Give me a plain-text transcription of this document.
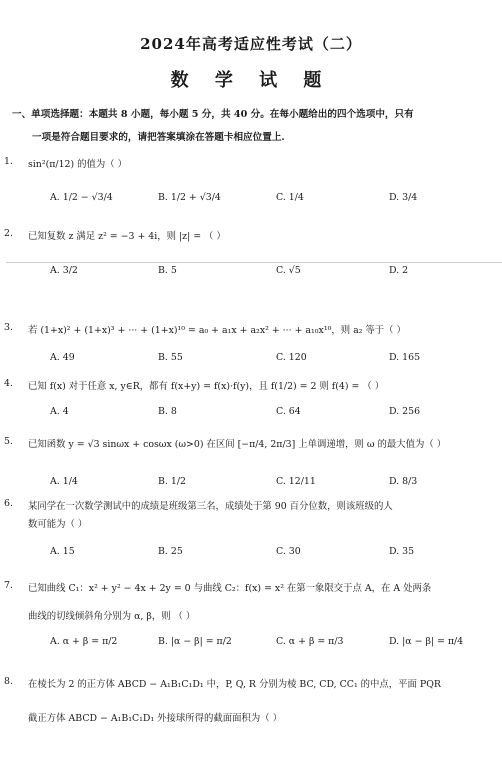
2024年高考适应性考试（二）
数 学 试 题
一、单项选择题：本题共 8 小题，每小题 5 分，共 40 分。在每小题给出的四个选项中，只有
一项是符合题目要求的，请把答案填涂在答题卡相应位置上.
1. sin²(π/12) 的值为（ ）
A. 1/2 − √3/4	B. 1/2 + √3/4	C. 1/4	D. 3/4
2. 已知复数 z 满足 z² = −3 + 4i，则 |z| = （ ）
A. 3/2	B. 5	C. √5	D. 2
3. 若 (1+x)² + (1+x)³ + ··· + (1+x)¹⁰ = a₀ + a₁x + a₂x² + ··· + a₁₀x¹⁰，则 a₂ 等于（ ）
A. 49	B. 55	C. 120	D. 165
4. 已知 f(x) 对于任意 x, y∈R，都有 f(x+y) = f(x)·f(y)，且 f(1/2) = 2 则 f(4) = （ ）
A. 4	B. 8	C. 64	D. 256
5. 已知函数 y = √3 sinωx + cosωx (ω>0) 在区间 [−π/4, 2π/3] 上单调递增，则 ω 的最大值为（ ）
A. 1/4	B. 1/2	C. 12/11	D. 8/3
6. 某同学在一次数学测试中的成绩是班级第三名，成绩处于第 90 百分位数，则该班级的人
数可能为（ ）
A. 15	B. 25	C. 30	D. 35
7. 已知曲线 C₁：x² + y² − 4x + 2y = 0 与曲线 C₂：f(x) = x² 在第一象限交于点 A，在 A 处两条
曲线的切线倾斜角分别为 α, β，则 （ ）
A. α + β = π/2	B. |α − β| = π/2	C. α + β = π/3	D. |α − β| = π/4
8. 在棱长为 2 的正方体 ABCD − A₁B₁C₁D₁ 中，P, Q, R 分别为棱 BC, CD, CC₁ 的中点，平面 PQR
截正方体 ABCD − A₁B₁C₁D₁ 外接球所得的截面面积为（ ）
